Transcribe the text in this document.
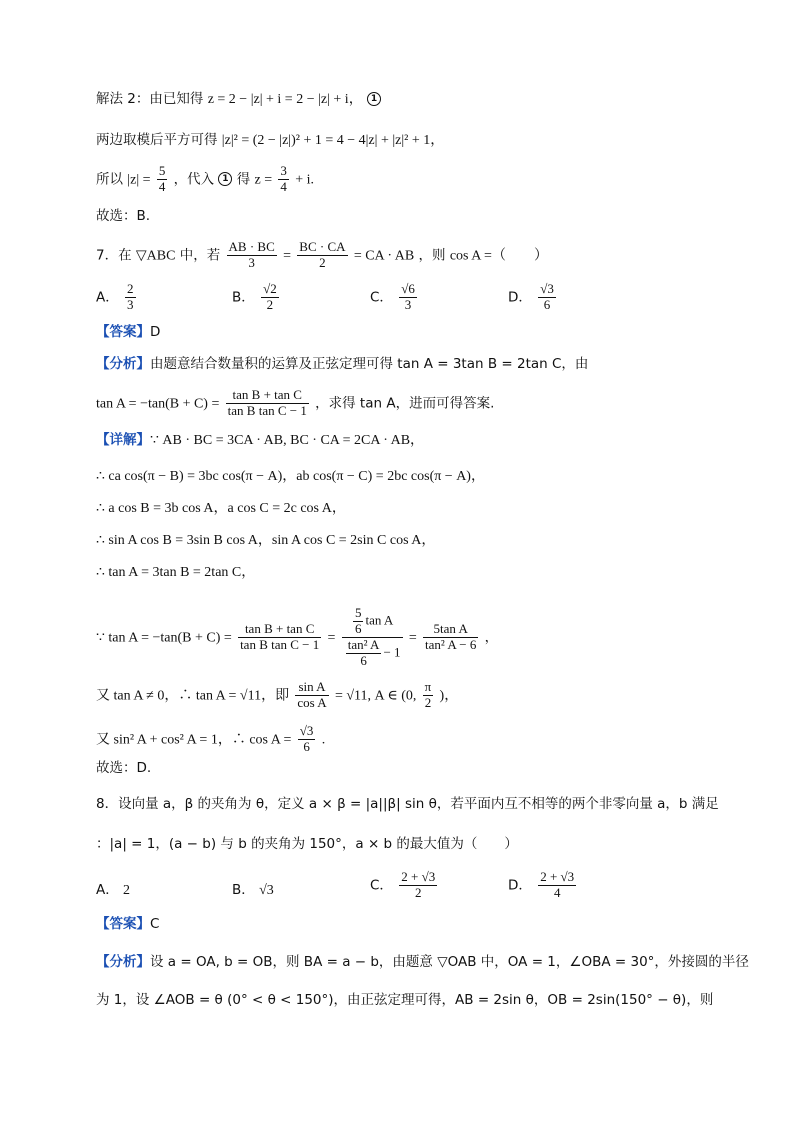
解法 2：由已知得 z = 2 − |z| + i = 2 − |z| + i， 1
两边取模后平方可得 |z|² = (2 − |z|)² + 1 = 4 − 4|z| + |z|² + 1，
所以 $|z| = \frac{5}{4}$ ，代入 1 得 $z = \frac{3}{4} + i$.
故选：B.
7．在 ▽ABC 中，若 $\frac{AB \cdot BC}{3} = \frac{BC \cdot CA}{2}$ = CA · AB ，则 cos A =（　　）
A． $\frac{2}{3}$	B． $\frac{√2}{2}$	C． $\frac{√6}{3}$	D． $\frac{√3}{6}$
【答案】D
【分析】由题意结合数量积的运算及正弦定理可得 tan A = 3tan B = 2tan C，由
$\tan A = -\tan(B + C) = \frac{\text{tan B + tan C}}{\text{tan B tan C − 1}}$ ，求得 tan A，进而可得答案.
【详解】∵ AB · BC = 3CA · AB, BC · CA = 2CA · AB，
∴ ca cos(π − B) = 3bc cos(π − A)，ab cos(π − C) = 2bc cos(π − A)，
∴ a cos B = 3b cos A，a cos C = 2c cos A，
∴ sin A cos B = 3sin B cos A，sin A cos C = 2sin C cos A，
∴ tan A = 3tan B = 2tan C，
∵ $\tan A = -\tan(B + C) = \frac{\text{tan B + tan C}}{\text{tan B tan C − 1}} = \frac{\frac{5}{6} \tan A}{\frac{\text{tan² A}}{6} - 1} = \frac{\text{5tan A}}{\text{tan² A − 6}}$ ，
又 tan A ≠ 0，∴ tan A = √11，即 $\frac{\text{sin A}}{\text{cos A}} = √11$, A ∈ (0, $\frac{\pi}{2}$ )，
又 sin² A + cos² A = 1，∴ $\cos A = \frac{√3}{6}$ .
故选：D.
8．设向量 a，β 的夹角为 θ，定义 a × β = |a||β| sin θ，若平面内互不相等的两个非零向量 a，b 满足
：|a| = 1，(a − b) 与 b 的夹角为 150°，a × b 的最大值为（　　）
A． 2	B． √3	C． $\frac{2 + √3}{2}$	D． $\frac{2 + √3}{4}$
【答案】C
【分析】设 a = OA, b = OB，则 BA = a − b，由题意 ▽OAB 中，OA = 1，∠OBA = 30°，外接圆的半径
为 1，设 ∠AOB = θ (0° < θ < 150°)，由正弦定理可得，AB = 2sin θ，OB = 2sin(150° − θ)，则
